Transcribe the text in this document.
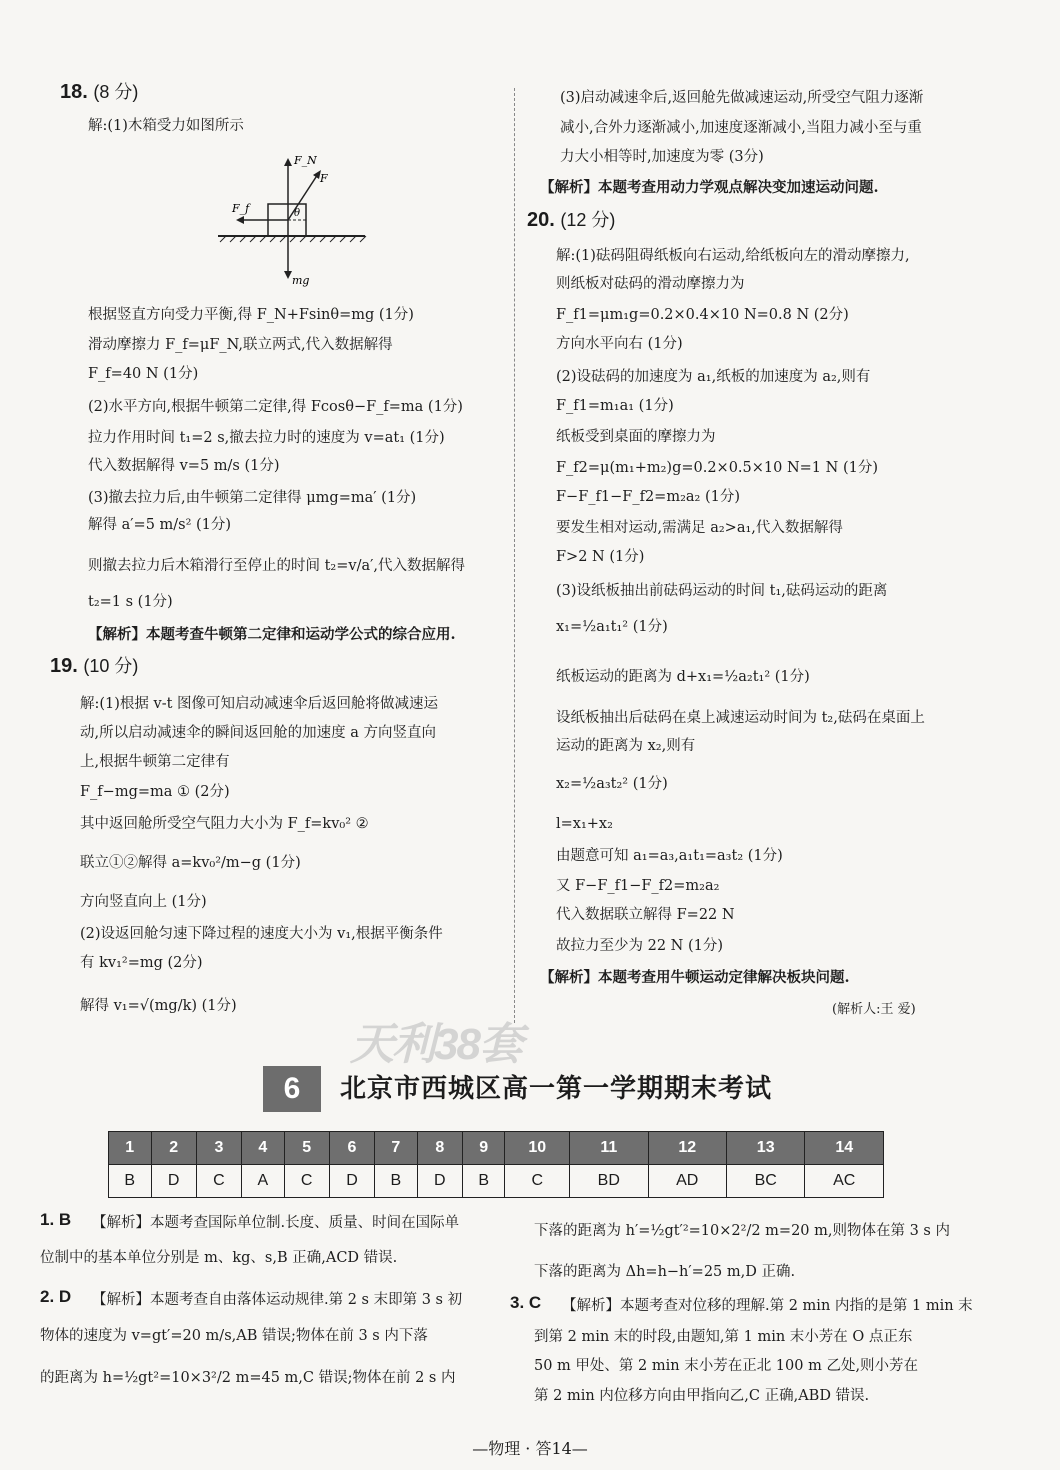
18. (8 分)
解:(1)木箱受力如图所示
F_N
F
F_f	θ
mg
根据竖直方向受力平衡,得 F_N+Fsinθ=mg (1分)
滑动摩擦力 F_f=μF_N,联立两式,代入数据解得
F_f=40 N (1分)
(2)水平方向,根据牛顿第二定律,得 Fcosθ−F_f=ma (1分)
拉力作用时间 t₁=2 s,撤去拉力时的速度为 v=at₁ (1分)
代入数据解得 v=5 m/s (1分)
(3)撤去拉力后,由牛顿第二定律得 μmg=ma′ (1分)
解得 a′=5 m/s² (1分)
则撤去拉力后木箱滑行至停止的时间 t₂=v/a′,代入数据解得
t₂=1 s (1分)
【解析】本题考查牛顿第二定律和运动学公式的综合应用.
19. (10 分)
解:(1)根据 v-t 图像可知启动减速伞后返回舱将做减速运
动,所以启动减速伞的瞬间返回舱的加速度 a 方向竖直向
上,根据牛顿第二定律有
F_f−mg=ma ① (2分)
其中返回舱所受空气阻力大小为 F_f=kv₀² ②
联立①②解得 a=kv₀²/m−g (1分)
方向竖直向上 (1分)
(2)设返回舱匀速下降过程的速度大小为 v₁,根据平衡条件
有 kv₁²=mg (2分)
解得 v₁=√(mg/k) (1分)
(3)启动减速伞后,返回舱先做减速运动,所受空气阻力逐渐
减小,合外力逐渐减小,加速度逐渐减小,当阻力减小至与重
力大小相等时,加速度为零 (3分)
【解析】本题考查用动力学观点解决变加速运动问题.
20. (12 分)
解:(1)砝码阻碍纸板向右运动,给纸板向左的滑动摩擦力,
则纸板对砝码的滑动摩擦力为
F_f1=μm₁g=0.2×0.4×10 N=0.8 N (2分)
方向水平向右 (1分)
(2)设砝码的加速度为 a₁,纸板的加速度为 a₂,则有
F_f1=m₁a₁ (1分)
纸板受到桌面的摩擦力为
F_f2=μ(m₁+m₂)g=0.2×0.5×10 N=1 N (1分)
F−F_f1−F_f2=m₂a₂ (1分)
要发生相对运动,需满足 a₂>a₁,代入数据解得
F>2 N (1分)
(3)设纸板抽出前砝码运动的时间 t₁,砝码运动的距离
x₁=½a₁t₁² (1分)
纸板运动的距离为 d+x₁=½a₂t₁² (1分)
设纸板抽出后砝码在桌上减速运动时间为 t₂,砝码在桌面上
运动的距离为 x₂,则有
x₂=½a₃t₂² (1分)
l=x₁+x₂
由题意可知 a₁=a₃,a₁t₁=a₃t₂ (1分)
又 F−F_f1−F_f2=m₂a₂
代入数据联立解得 F=22 N
故拉力至少为 22 N (1分)
【解析】本题考查用牛顿运动定律解决板块问题.
(解析人:王 爱)
天利38套
6	北京市西城区高一第一学期期末考试
1	2	3	4	5	6	7	8	9	10	11	12	13	14
B	D	C	A	C	D	B	D	B	C	BD	AD	BC	AC
1. B 【解析】本题考查国际单位制.长度、质量、时间在国际单
位制中的基本单位分别是 m、kg、s,B 正确,ACD 错误.
2. D 【解析】本题考查自由落体运动规律.第 2 s 末即第 3 s 初
物体的速度为 v=gt′=20 m/s,AB 错误;物体在前 3 s 内下落
的距离为 h=½gt²=10×3²/2 m=45 m,C 错误;物体在前 2 s 内
下落的距离为 h′=½gt′²=10×2²/2 m=20 m,则物体在第 3 s 内
下落的距离为 Δh=h−h′=25 m,D 正确.
3. C 【解析】本题考查对位移的理解.第 2 min 内指的是第 1 min 末
到第 2 min 末的时段,由题知,第 1 min 末小芳在 O 点正东
50 m 甲处、第 2 min 末小芳在正北 100 m 乙处,则小芳在
第 2 min 内位移方向由甲指向乙,C 正确,ABD 错误.
—物理 · 答14—
